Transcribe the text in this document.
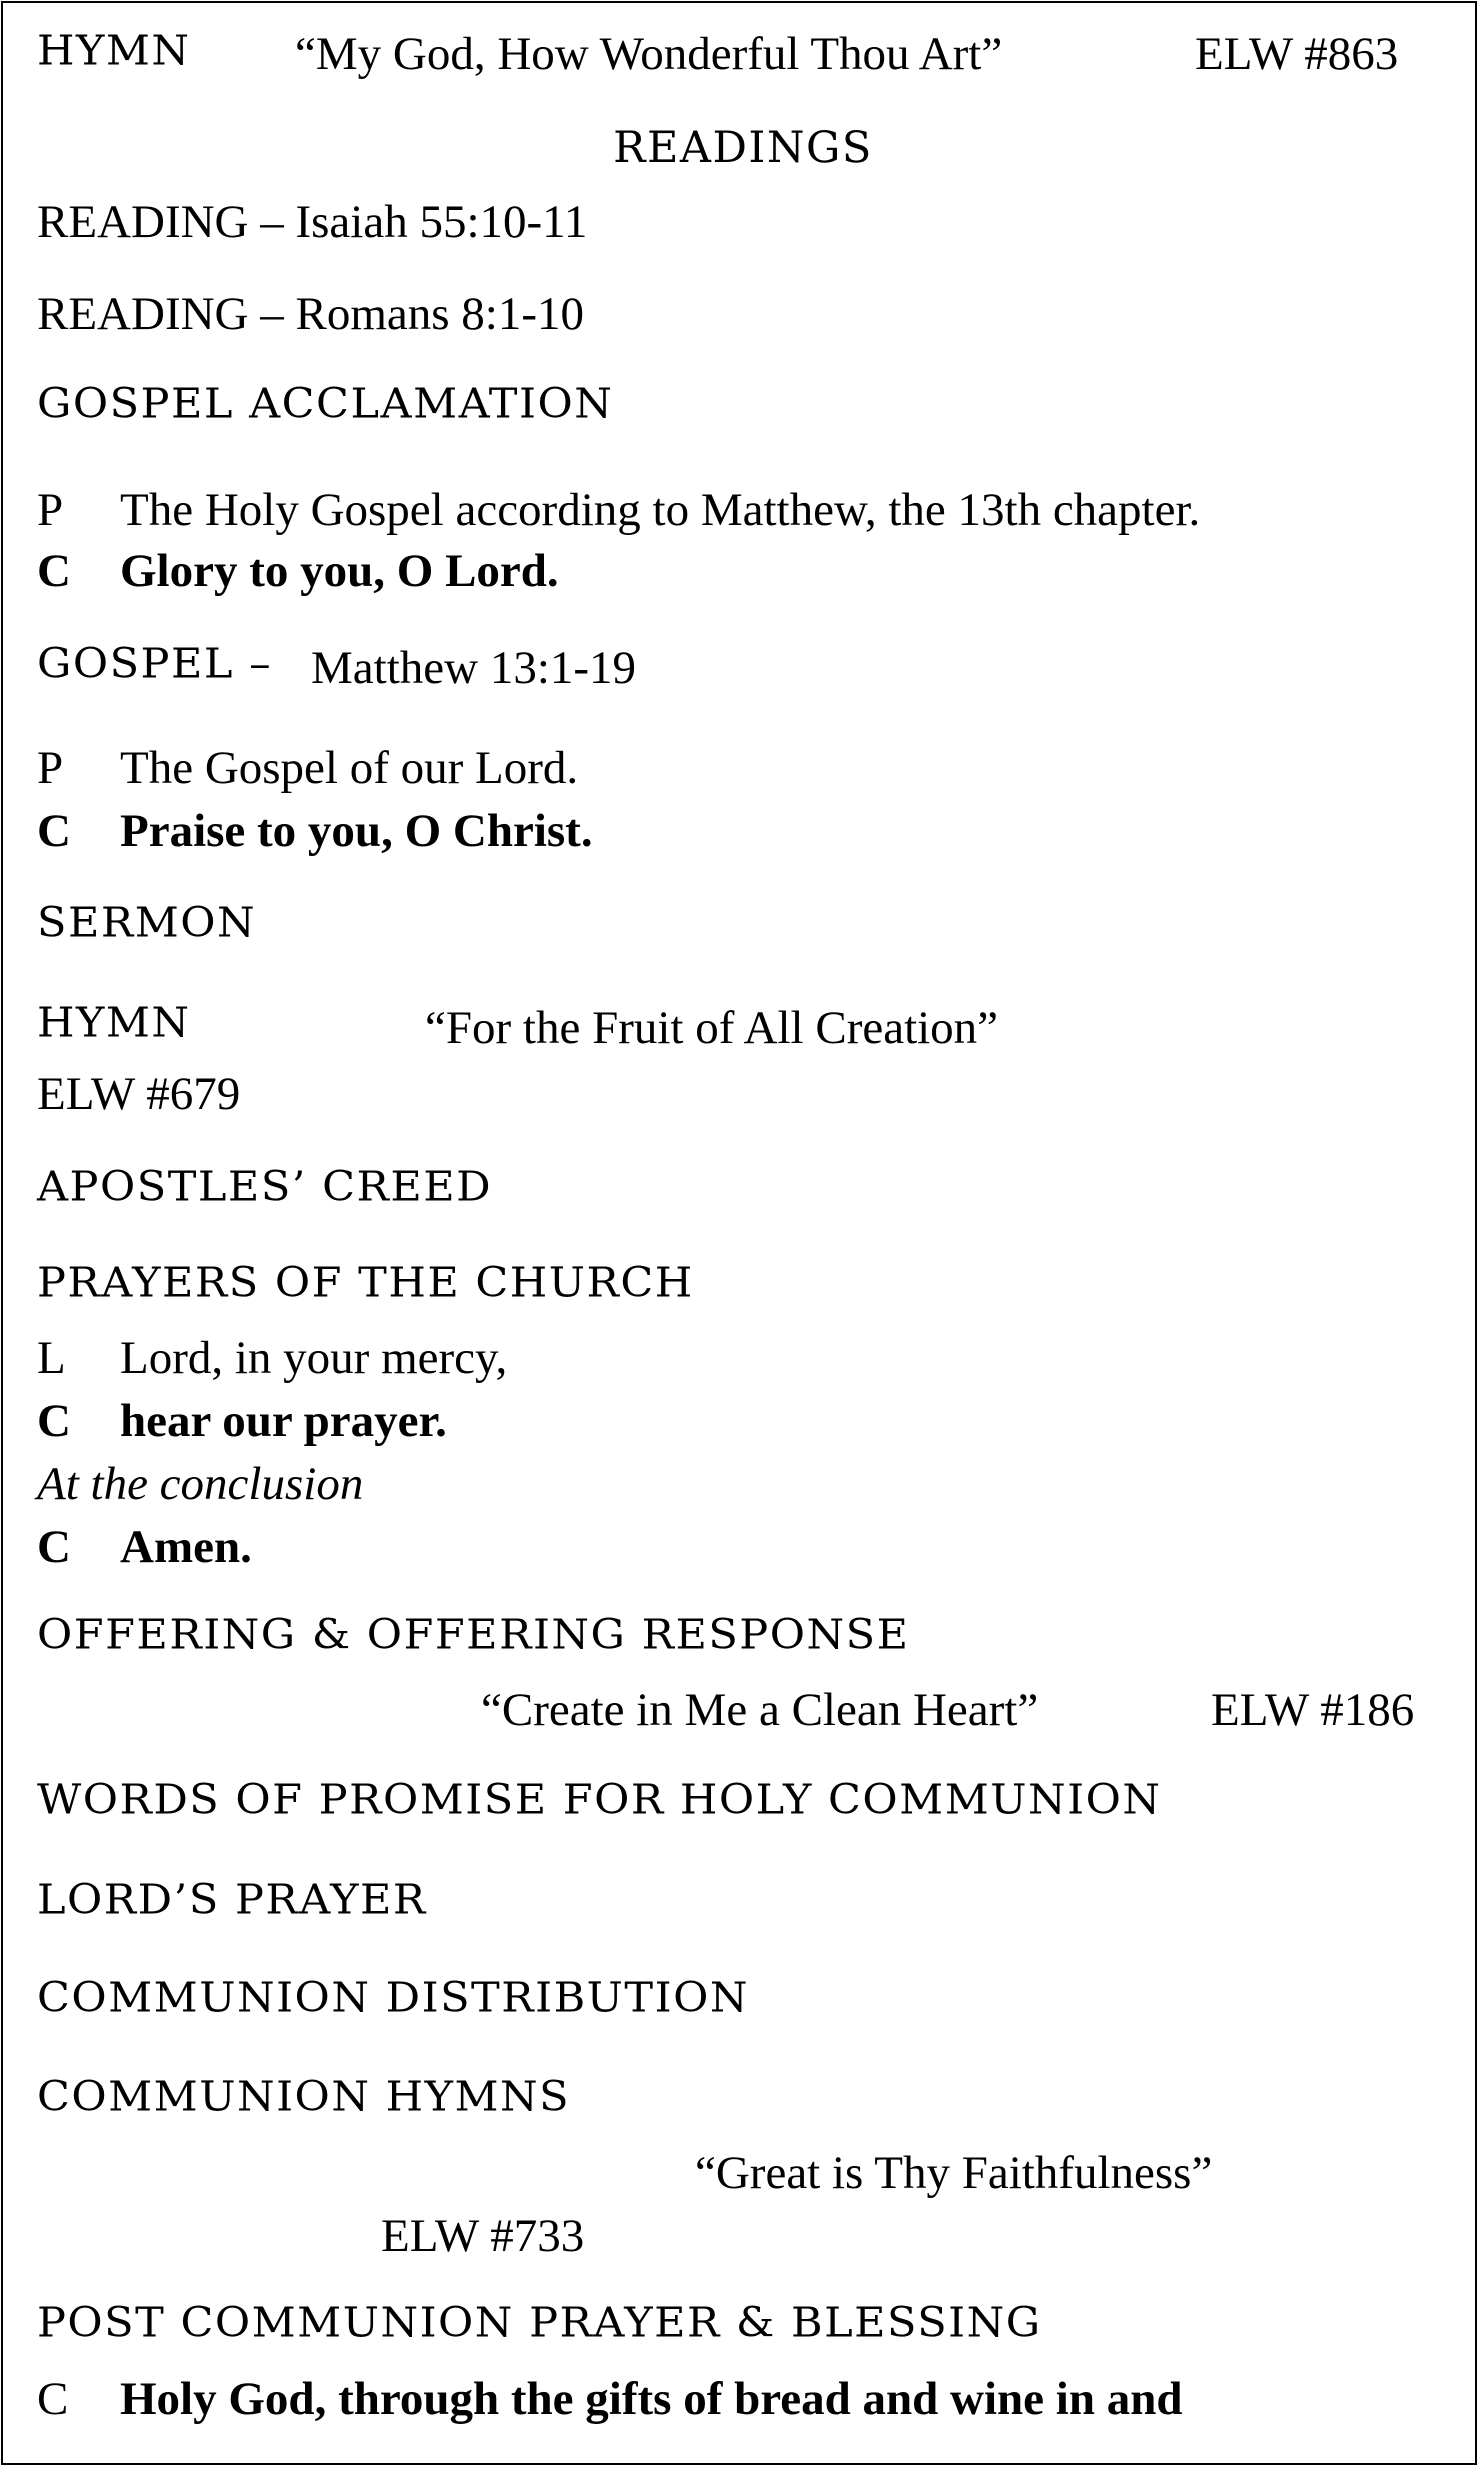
HYMN “My God, How Wonderful Thou Art”	ELW #863
READINGS
READING – Isaiah 55:10-11
READING – Romans 8:1-10
GOSPEL ACCLAMATION
P The Holy Gospel according to Matthew, the 13th chapter.
C Glory to you, O Lord.
GOSPEL – Matthew 13:1-19
P The Gospel of our Lord.
C Praise to you, O Christ.
SERMON
HYMN	“For the Fruit of All Creation”
ELW #679
APOSTLES’ CREED
PRAYERS OF THE CHURCH
L Lord, in your mercy,
C hear our prayer.
At the conclusion
C Amen.
OFFERING & OFFERING RESPONSE
“Create in Me a Clean Heart”	ELW #186
WORDS OF PROMISE FOR HOLY COMMUNION
LORD’S PRAYER
COMMUNION DISTRIBUTION
COMMUNION HYMNS
“Great is Thy Faithfulness”
ELW #733
POST COMMUNION PRAYER & BLESSING
C Holy God, through the gifts of bread and wine in and
